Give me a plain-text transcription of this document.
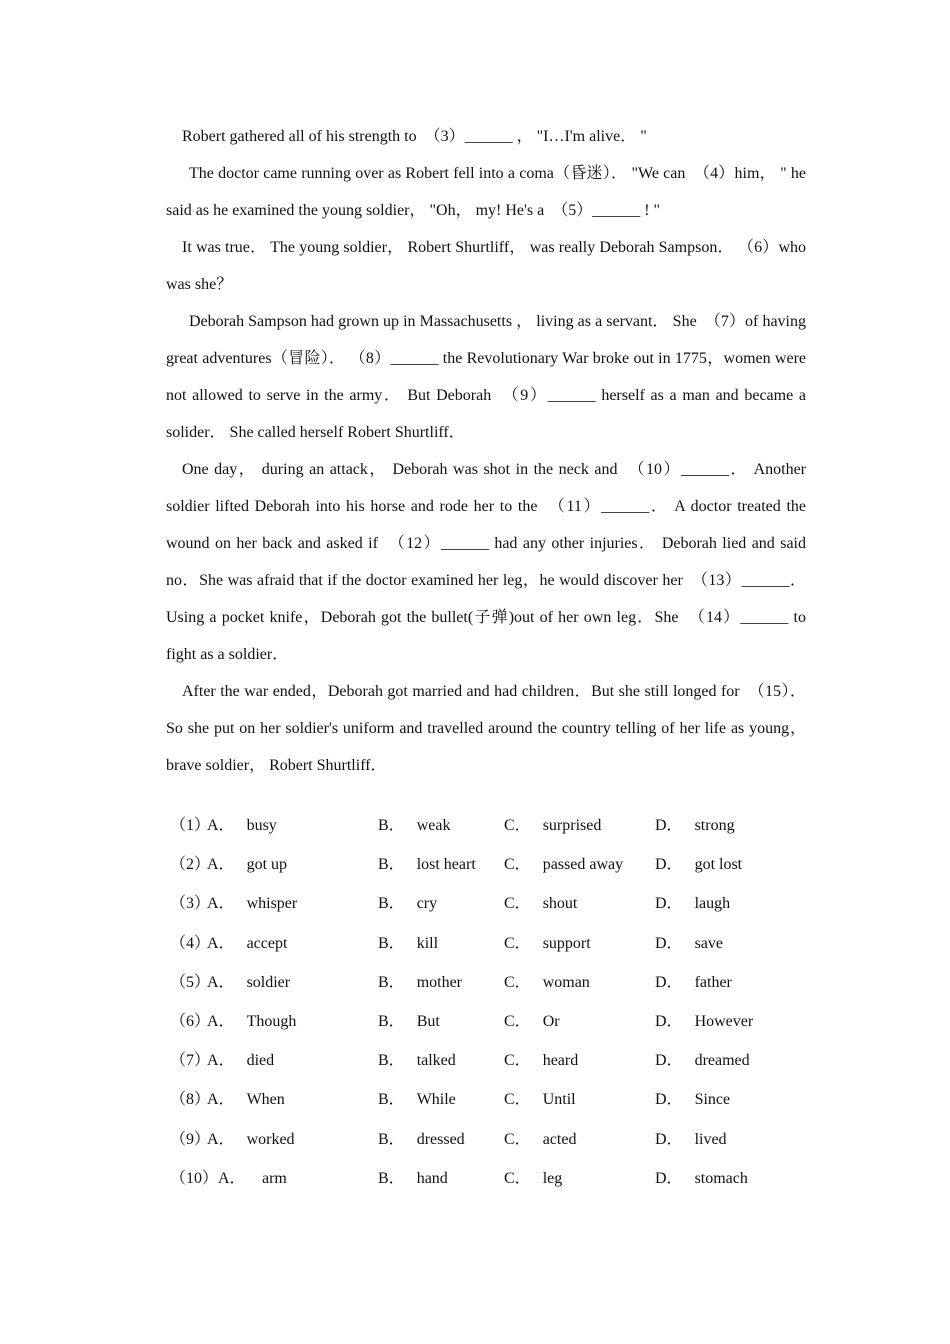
Robert gathered all of his strength to　（3）______ ， "I…I'm alive． "

The doctor came running over as Robert fell into a coma（昏迷）． "We can　（4）him， " he said as he examined the young soldier， "Oh， my! He's a　（5）______ ! "

It was true． The young soldier， Robert Shurtliff， was really Deborah Sampson． （6）who was she？

Deborah Sampson had grown up in Massachusetts ， living as a servant． She　（7）of having great adventures（冒险）． （8）______ the Revolutionary War broke out in 1775，women were not allowed to serve in the army． But Deborah　（9）______ herself as a man and became a solider． She called herself Robert Shurtliff．

One day， during an attack， Deborah was shot in the neck and　（10）______． Another soldier lifted Deborah into his horse and rode her to the　（11）______． A doctor treated the wound on her back and asked if　（12）______ had any other injuries． Deborah lied and said no．She was afraid that if the doctor examined her leg，he would discover her　（13）______．Using a pocket knife，Deborah got the bullet(子弹)out of her own leg．She　（14）______ to fight as a soldier．

After the war ended，Deborah got married and had children．But she still longed for　（15）． So she put on her soldier's uniform and travelled around the country telling of her life as young， brave soldier， Robert Shurtliff．

（1）
A． busy	B． weak	C． surprised	D． strong
（2）
A． got up	B． lost heart C． passed away D． got lost
（3）
A． whisper	B． cry	C． shout	D． laugh
（4）
A． accept	B． kill	C． support	D． save
（5）
A． soldier	B． mother	C． woman	D． father
（6）
A． Though	B． But	C． Or	D． However
（7）
A． died	B． talked	C． heard	D． dreamed
（8）
A． When	B． While	C． Until	D． Since
（9）
A． worked	B． dressed C． acted	D． lived
（10）A． arm	B． hand	C． leg	D． stomach
